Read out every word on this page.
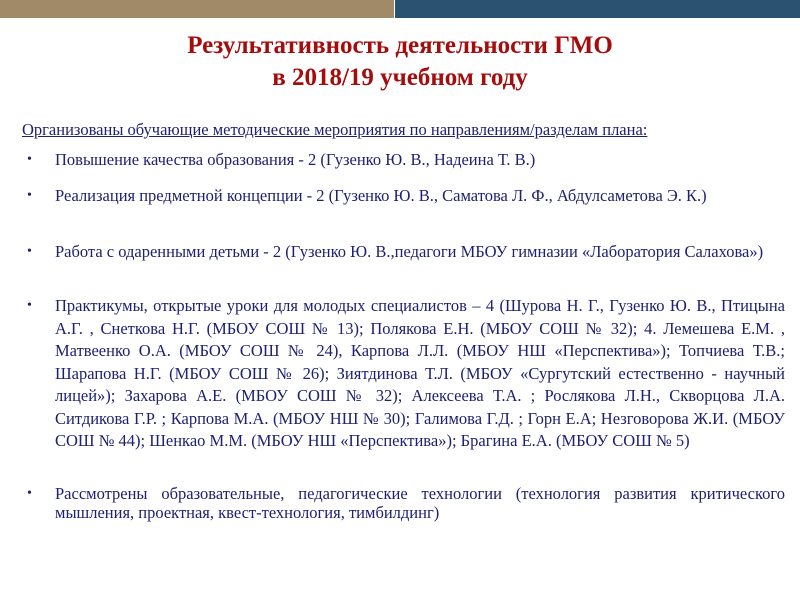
Результативность деятельности ГМО
в 2018/19 учебном году
Организованы обучающие методические мероприятия по направлениям/разделам плана:
• Повышение качества образования - 2 (Гузенко Ю. В., Надеина Т. В.)
• Реализация предметной концепции - 2 (Гузенко Ю. В., Саматова Л. Ф., Абдулсаметова Э. К.)
• Работа с одаренными детьми - 2 (Гузенко Ю. В.,педагоги МБОУ гимназии «Лаборатория Салахова»)
• Практикумы, открытые уроки для молодых специалистов – 4 (Шурова Н. Г., Гузенко Ю. В., Птицына А.Г. , Снеткова Н.Г. (МБОУ СОШ № 13); Полякова Е.Н. (МБОУ СОШ № 32); 4. Лемешева Е.М. , Матвеенко О.А. (МБОУ СОШ № 24), Карпова Л.Л. (МБОУ НШ «Перспектива»); Топчиева Т.В.; Шарапова Н.Г. (МБОУ СОШ № 26); Зиятдинова Т.Л. (МБОУ «Сургутский естественно - научный лицей»); Захарова А.Е. (МБОУ СОШ № 32); Алексеева Т.А. ; Рослякова Л.Н., Скворцова Л.А. Ситдикова Г.Р. ; Карпова М.А. (МБОУ НШ № 30); Галимова Г.Д. ; Горн Е.А; Незговорова Ж.И. (МБОУ СОШ № 44); Шенкао М.М. (МБОУ НШ «Перспектива»); Брагина Е.А. (МБОУ СОШ № 5)
• Рассмотрены образовательные, педагогические технологии (технология развития критического мышления, проектная, квест-технология, тимбилдинг)
